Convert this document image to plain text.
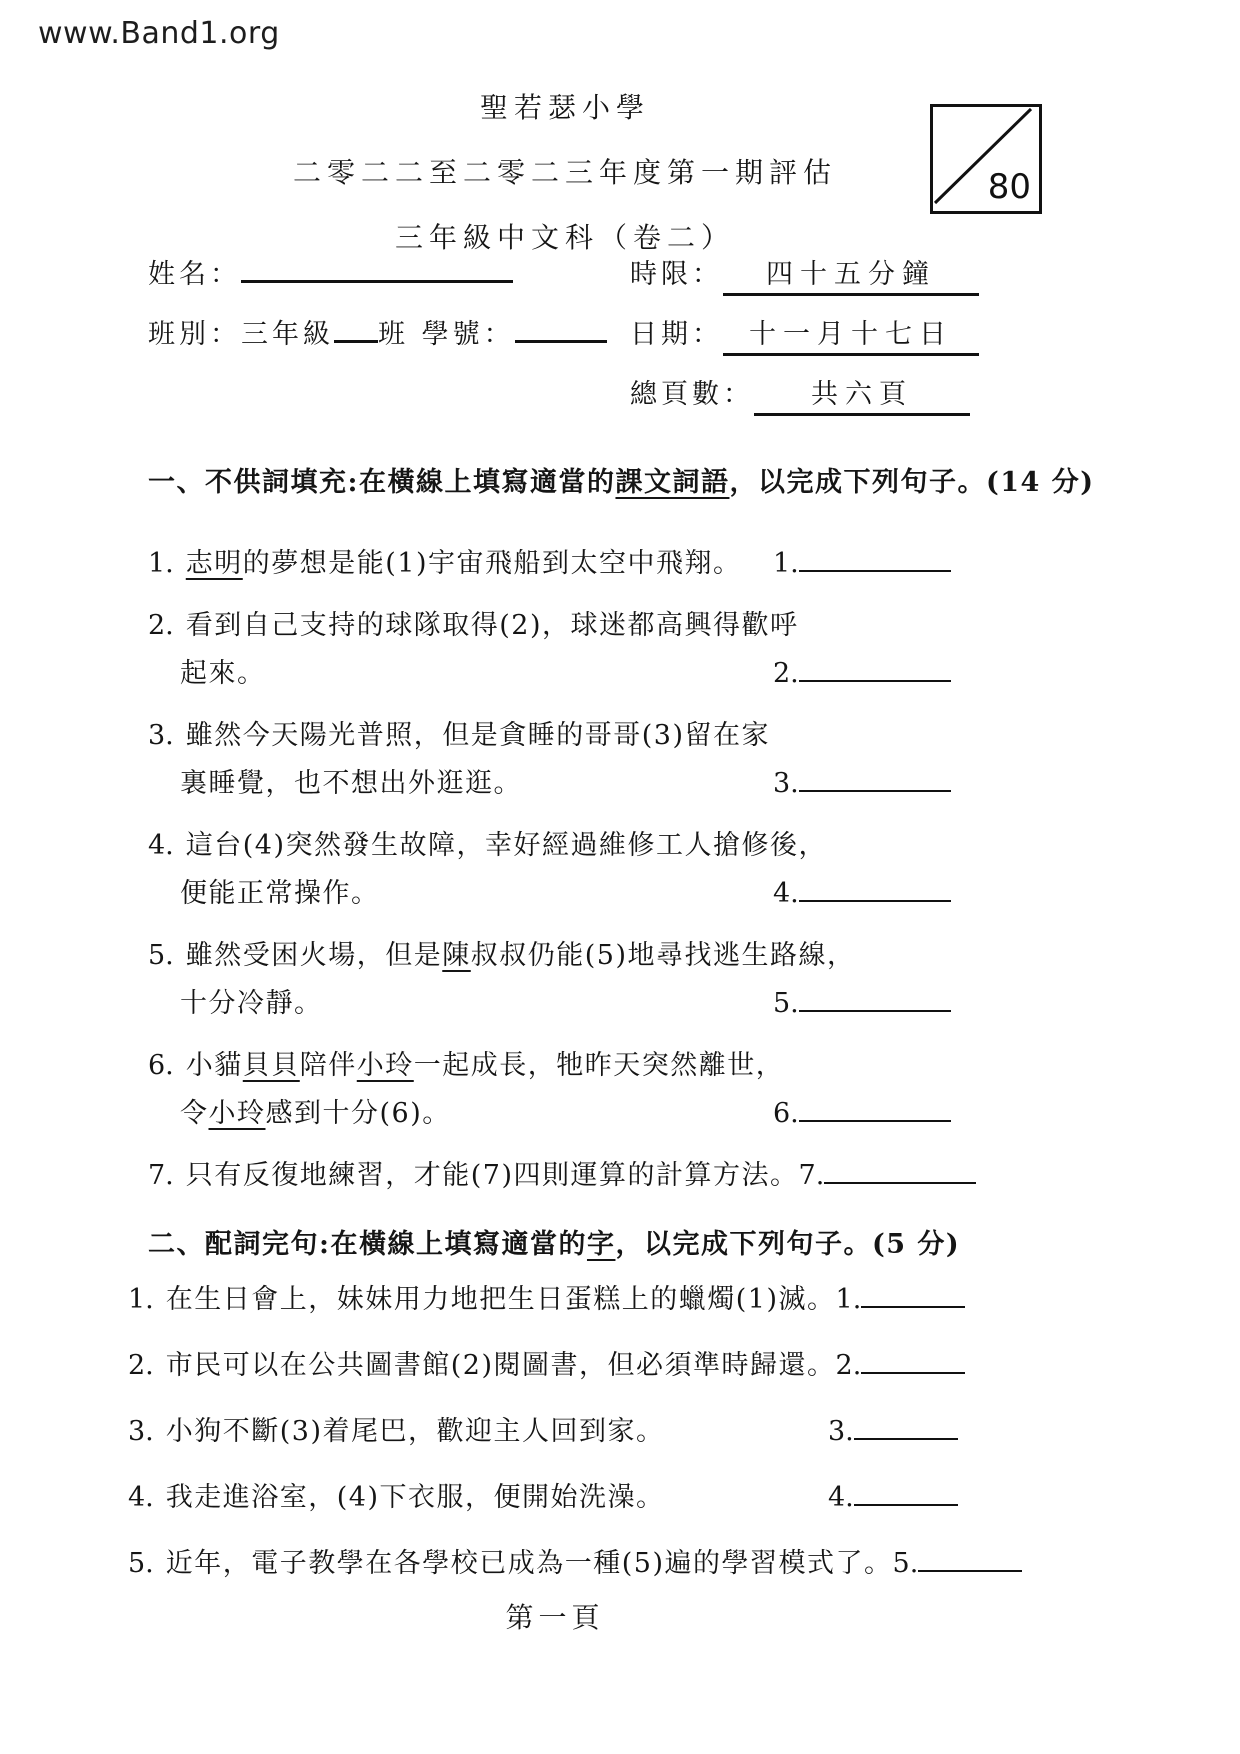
www.Band1.org
聖若瑟小學
二零二二至二零二三年度第一期評估
三年級中文科（卷二）
80
姓名：	時限： 四十五分鐘
班別：三年級 班 學號：	日期： 十一月十七日
總頁數： 共六頁
一、不供詞填充:在橫線上填寫適當的課文詞語，以完成下列句子。(14 分)
1. 志明的夢想是能(1)宇宙飛船到太空中飛翔。	1.
2. 看到自己支持的球隊取得(2)，球迷都高興得歡呼
起來。	2.
3. 雖然今天陽光普照，但是貪睡的哥哥(3)留在家
裏睡覺，也不想出外逛逛。	3.
4. 這台(4)突然發生故障，幸好經過維修工人搶修後，
便能正常操作。	4.
5. 雖然受困火場，但是陳叔叔仍能(5)地尋找逃生路線，
十分冷靜。	5.
6. 小貓貝貝陪伴小玲一起成長，牠昨天突然離世，
令小玲感到十分(6)。	6.
7. 只有反復地練習，才能(7)四則運算的計算方法。 7.
二、配詞完句:在橫線上填寫適當的字，以完成下列句子。(5 分)
1. 在生日會上，妹妹用力地把生日蛋糕上的蠟燭(1)滅。 1.
2. 市民可以在公共圖書館(2)閱圖書，但必須準時歸還。 2.
3. 小狗不斷(3)着尾巴，歡迎主人回到家。	3.
4. 我走進浴室，(4)下衣服，便開始洗澡。	4.
5. 近年，電子教學在各學校已成為一種(5)遍的學習模式了。 5.
第一頁
